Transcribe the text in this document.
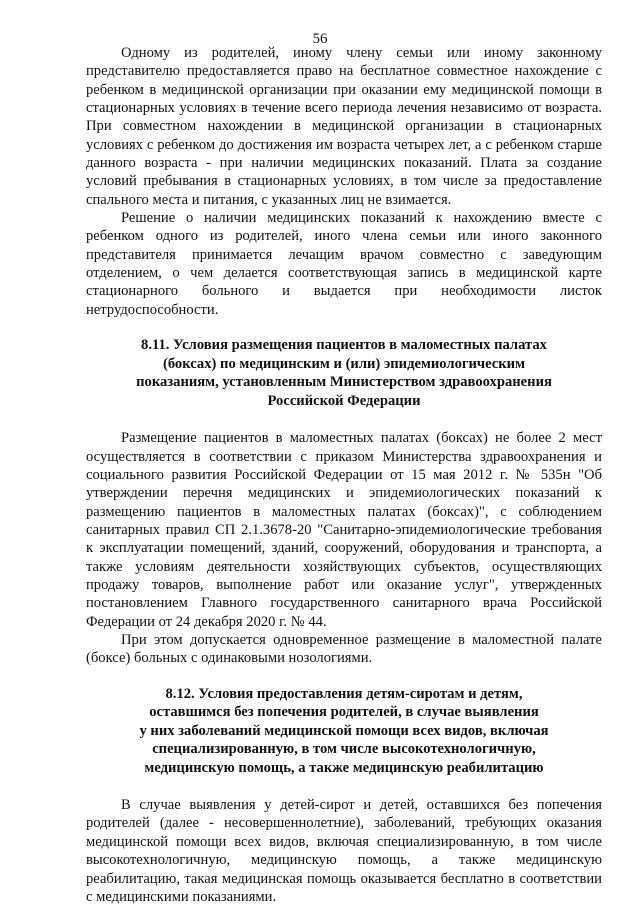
56

Одному из родителей, иному члену семьи или иному законному представителю предоставляется право на бесплатное совместное нахождение с ребенком в медицинской организации при оказании ему медицинской помощи в стационарных условиях в течение всего периода лечения независимо от возраста. При совместном нахождении в медицинской организации в стационарных условиях с ребенком до достижения им возраста четырех лет, а с ребенком старше данного возраста - при наличии медицинских показаний. Плата за создание условий пребывания в стационарных условиях, в том числе за предоставление спального места и питания, с указанных лиц не взимается.

Решение о наличии медицинских показаний к нахождению вместе с ребенком одного из родителей, иного члена семьи или иного законного представителя принимается лечащим врачом совместно с заведующим отделением, о чем делается соответствующая запись в медицинской карте стационарного больного и выдается при необходимости листок нетрудоспособности.

8.11. Условия размещения пациентов в маломестных палатах

(боксах) по медицинским и (или) эпидемиологическим

показаниям, установленным Министерством здравоохранения

Российской Федерации

Размещение пациентов в маломестных палатах (боксах) не более 2 мест осуществляется в соответствии с приказом Министерства здравоохранения и социального развития Российской Федерации от 15 мая 2012 г. № 535н "Об утверждении перечня медицинских и эпидемиологических показаний к размещению пациентов в маломестных палатах (боксах)", с соблюдением санитарных правил СП 2.1.3678-20 "Санитарно-эпидемиологические требования к эксплуатации помещений, зданий, сооружений, оборудования и транспорта, а также условиям деятельности хозяйствующих субъектов, осуществляющих продажу товаров, выполнение работ или оказание услуг", утвержденных постановлением Главного государственного санитарного врача Российской Федерации от 24 декабря 2020 г. № 44.

При этом допускается одновременное размещение в маломестной палате (боксе) больных с одинаковыми нозологиями.

8.12. Условия предоставления детям-сиротам и детям,

оставшимся без попечения родителей, в случае выявления

у них заболеваний медицинской помощи всех видов, включая

специализированную, в том числе высокотехнологичную,

медицинскую помощь, а также медицинскую реабилитацию

В случае выявления у детей-сирот и детей, оставшихся без попечения родителей (далее - несовершеннолетние), заболеваний, требующих оказания медицинской помощи всех видов, включая специализированную, в том числе высокотехнологичную, медицинскую помощь, а также медицинскую реабилитацию, такая медицинская помощь оказывается бесплатно в соответствии с медицинскими показаниями.
